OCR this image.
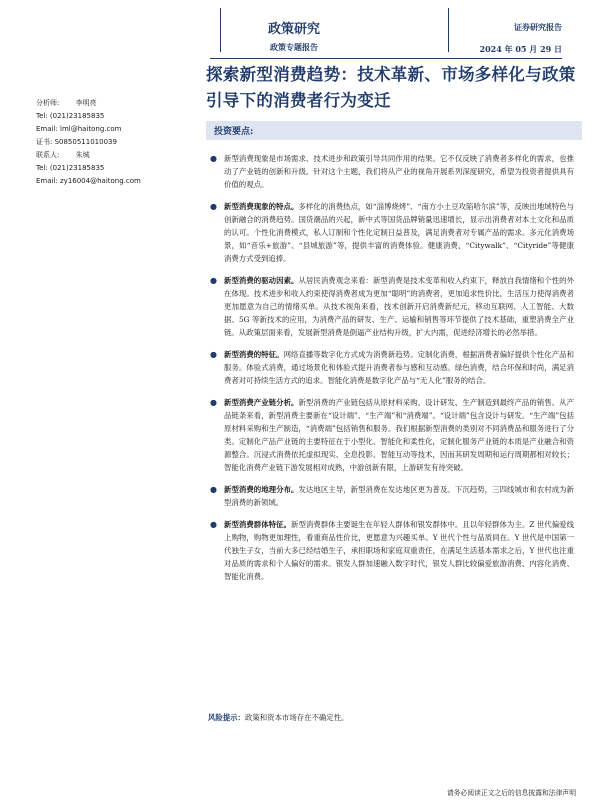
政策研究
政策专题报告
证券研究报告
2024 年 05 月 29 日
探索新型消费趋势：技术革新、市场多样化与政策引导下的消费者行为变迁
分析师: 李明亮
Tel: (021)23185835
Email: lml@haitong.com
证书: S0850511010039
联系人: 朱城
Tel: (021)23185835
Email: zy16004@haitong.com
投资要点:
● 新型消费现象是市场需求、技术进步和政策引导共同作用的结果。它不仅反映了消费者多样化的需求，也推动了产业链的创新和升级。针对这个主题，我们将从产业的视角开展系列深度研究，希望为投资者提供具有价值的观点。
● 新型消费现象的特点。多样化的消费热点，如“淄博烧烤”、“南方小土豆攻陷哈尔滨”等，反映出地域特色与创新融合的消费趋势。国货潮品的兴起，新中式等国货品牌销量迅速增长，显示出消费者对本土文化和品质的认可。个性化消费模式，私人订制和个性化定制日益普及，满足消费者对专属产品的需求。多元化消费场景，如“音乐+旅游”、“县城旅游”等，提供丰富的消费体验。健康消费，“Citywalk”、“Cityride”等健康消费方式受到追捧。
● 新型消费的驱动因素。从居民消费观念来看：新型消费是技术变革和收入约束下，释放自我情绪和个性的外在体现。技术进步和收入约束使得消费者成为更加“聪明”的消费者，更加追求性价比，生活压力使得消费者更加愿意为自己的情绪买单。从技术视角来看，技术创新开启消费新纪元，移动互联网、人工智能、大数据、5G 等新技术的应用，为消费产品的研发、生产、运输和销售等环节提供了技术基础，重塑消费全产业链。从政策层面来看，发展新型消费是倒逼产业结构升级，扩大内需，促进经济增长的必然举措。
● 新型消费的特征。网络直播等数字化方式成为消费新趋势。定制化消费，根据消费者偏好提供个性化产品和服务。体验式消费，通过场景化和体验式提升消费者参与感和互动感。绿色消费，结合环保和时尚，满足消费者对可持续生活方式的追求。智能化消费是数字化产品与“无人化”服务的结合。
● 新型消费产业链分析。新型消费的产业链包括从原材料采购、设计研发、生产制造到最终产品的销售。从产品链条来看，新型消费主要新在“设计端”、“生产端”和“消费端”。“设计端”包含设计与研发。“生产端”包括原材料采购和生产制造，“消费端”包括销售和服务。我们根据新型消费的类别对不同消费品和服务进行了分类。定制化产品产业链的主要特征在于小型化、智能化和柔性化，定制化服务产业链的本质是产业融合和资源整合。沉浸式消费依托虚拟现实、全息投影、智能互动等技术，因而其研发周期和运行周期都相对较长；智能化消费产业链下游发展相对成熟，中游创新有限，上游研发有待突破。
● 新型消费的地理分布。发达地区主导，新型消费在发达地区更为普及。下沉趋势，三四线城市和农村成为新型消费的新领域。
● 新型消费群体特征。新型消费群体主要诞生在年轻人群体和银发群体中。且以年轻群体为主。Z 世代偏爱线上购物，购物更加理性，看重商品性价比，更愿意为兴趣买单。Y 世代个性与品质同在。Y 世代是中国第一代独生子女，当前大多已经结婚生子，承担职场和家庭双重责任，在满足生活基本需求之后，Y 世代也注重对品质的需求和个人偏好的需求。银发人群加速融入数字时代，银发人群比较偏爱旅游消费、内容化消费、智能化消费。
风险提示：政策和资本市场存在不确定性。
请务必阅读正文之后的信息披露和法律声明
